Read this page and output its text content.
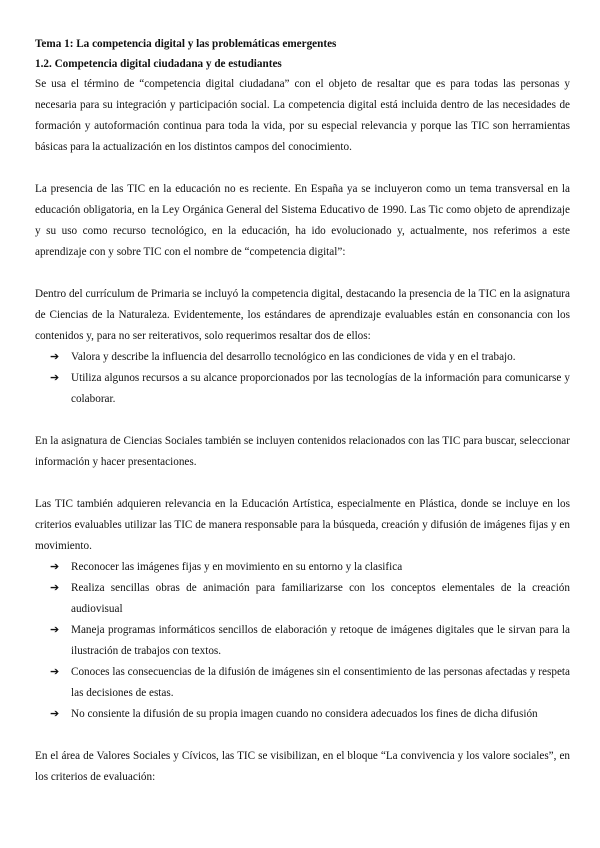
Tema 1: La competencia digital y las problemáticas emergentes
1.2. Competencia digital ciudadana y de estudiantes

Se usa el término de “competencia digital ciudadana” con el objeto de resaltar que es para todas las personas y necesaria para su integración y participación social. La competencia digital está incluida dentro de las necesidades de formación y autoformación continua para toda la vida, por su especial relevancia y porque las TIC son herramientas básicas para la actualización en los distintos campos del conocimiento.

La presencia de las TIC en la educación no es reciente. En España ya se incluyeron como un tema transversal en la educación obligatoria, en la Ley Orgánica General del Sistema Educativo de 1990. Las Tic como objeto de aprendizaje y su uso como recurso tecnológico, en la educación, ha ido evolucionado y, actualmente, nos referimos a este aprendizaje con y sobre TIC con el nombre de “competencia digital”:

Dentro del currículum de Primaria se incluyó la competencia digital, destacando la presencia de la TIC en la asignatura de Ciencias de la Naturaleza. Evidentemente, los estándares de aprendizaje evaluables están en consonancia con los contenidos y, para no ser reiterativos, solo requerimos resaltar dos de ellos:

➔ Valora y describe la influencia del desarrollo tecnológico en las condiciones de vida y en el trabajo.
➔ Utiliza algunos recursos a su alcance proporcionados por las tecnologías de la información para comunicarse y colaborar.

En la asignatura de Ciencias Sociales también se incluyen contenidos relacionados con las TIC para buscar, seleccionar información y hacer presentaciones.

Las TIC también adquieren relevancia en la Educación Artística, especialmente en Plástica, donde se incluye en los criterios evaluables utilizar las TIC de manera responsable para la búsqueda, creación y difusión de imágenes fijas y en movimiento.

➔ Reconocer las imágenes fijas y en movimiento en su entorno y la clasifica
➔ Realiza sencillas obras de animación para familiarizarse con los conceptos elementales de la creación audiovisual
➔ Maneja programas informáticos sencillos de elaboración y retoque de imágenes digitales que le sirvan para la ilustración de trabajos con textos.
➔ Conoces las consecuencias de la difusión de imágenes sin el consentimiento de las personas afectadas y respeta las decisiones de estas.
➔ No consiente la difusión de su propia imagen cuando no considera adecuados los fines de dicha difusión

En el área de Valores Sociales y Cívicos, las TIC se visibilizan, en el bloque “La convivencia y los valore sociales”, en los criterios de evaluación:
